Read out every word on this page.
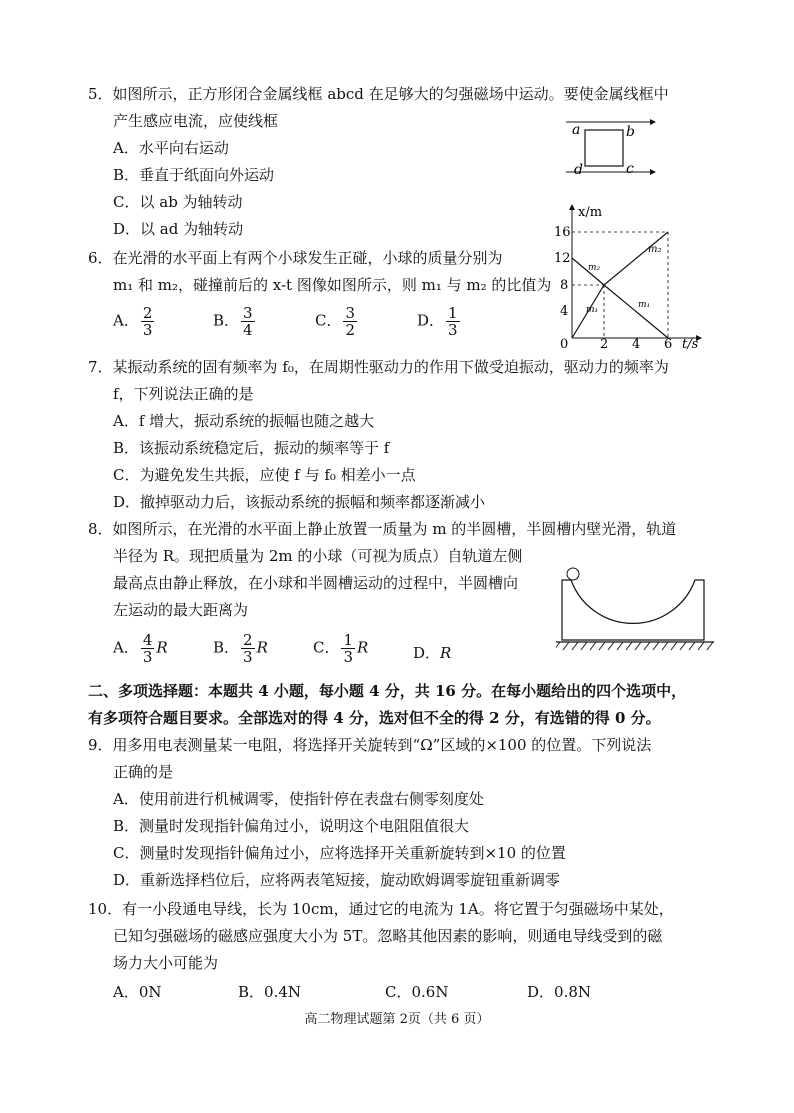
5．如图所示，正方形闭合金属线框 abcd 在足够大的匀强磁场中运动。要使金属线框中
产生感应电流，应使线框
A．水平向右运动
B．垂直于纸面向外运动
C．以 ab 为轴转动
D．以 ad 为轴转动
a	b
d	c
6．在光滑的水平面上有两个小球发生正碰，小球的质量分别为
m₁ 和 m₂，碰撞前后的 x-t 图像如图所示，则 m₁ 与 m₂ 的比值为
A． $\frac{2}{3}$	B． $\frac{3}{4}$	C． $\frac{3}{2}$	D． $\frac{1}{3}$
x/m
t/s
16
12
8
4
0 2 4 6
m₂
m₁
m₂
m₁
7．某振动系统的固有频率为 f₀，在周期性驱动力的作用下做受迫振动，驱动力的频率为
f，下列说法正确的是
A．f 增大，振动系统的振幅也随之越大
B．该振动系统稳定后，振动的频率等于 f
C．为避免发生共振，应使 f 与 f₀ 相差小一点
D．撤掉驱动力后，该振动系统的振幅和频率都逐渐减小
8．如图所示，在光滑的水平面上静止放置一质量为 m 的半圆槽，半圆槽内壁光滑，轨道
半径为 R。现把质量为 2m 的小球（可视为质点）自轨道左侧
最高点由静止释放，在小球和半圆槽运动的过程中，半圆槽向
左运动的最大距离为
A． $\frac{4}{3}$ R	B． $\frac{2}{3}$ R	C． $\frac{1}{3}$ R	D．R
二、多项选择题：本题共 4 小题，每小题 4 分，共 16 分。在每小题给出的四个选项中，
有多项符合题目要求。全部选对的得 4 分，选对但不全的得 2 分，有选错的得 0 分。
9．用多用电表测量某一电阻，将选择开关旋转到“Ω”区域的×100 的位置。下列说法
正确的是
A．使用前进行机械调零，使指针停在表盘右侧零刻度处
B．测量时发现指针偏角过小，说明这个电阻阻值很大
C．测量时发现指针偏角过小，应将选择开关重新旋转到×10 的位置
D．重新选择档位后，应将两表笔短接，旋动欧姆调零旋钮重新调零
10．有一小段通电导线，长为 10cm，通过它的电流为 1A。将它置于匀强磁场中某处，
已知匀强磁场的磁感应强度大小为 5T。忽略其他因素的影响，则通电导线受到的磁
场力大小可能为
A．0N	B．0.4N	C．0.6N	D．0.8N
高二物理试题第 2页（共 6 页）
